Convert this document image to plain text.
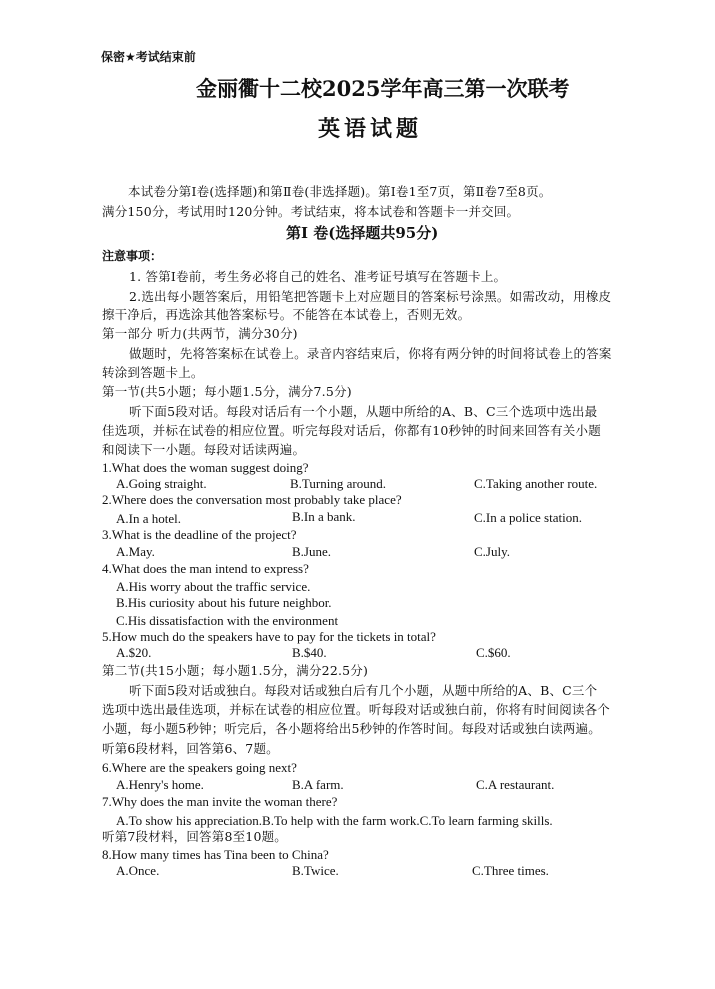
保密★考试结束前
金丽衢十二校2025学年高三第一次联考
英语试题
本试卷分第Ⅰ卷(选择题)和第Ⅱ卷(非选择题)。第Ⅰ卷1至7页，第Ⅱ卷7至8页。
满分150分，考试用时120分钟。考试结束，将本试卷和答题卡一并交回。
第Ⅰ 卷(选择题共95分)
注意事项：
1. 答第Ⅰ卷前，考生务必将自己的姓名、准考证号填写在答题卡上。
2.选出每小题答案后，用铅笔把答题卡上对应题目的答案标号涂黑。如需改动，用橡皮
擦干净后，再选涂其他答案标号。不能答在本试卷上，否则无效。
第一部分 听力(共两节，满分30分)
做题时，先将答案标在试卷上。录音内容结束后，你将有两分钟的时间将试卷上的答案
转涂到答题卡上。
第一节(共5小题；每小题1.5分，满分7.5分)
听下面5段对话。每段对话后有一个小题，从题中所给的A、B、C三个选项中选出最
佳选项，并标在试卷的相应位置。听完每段对话后，你都有10秒钟的时间来回答有关小题
和阅读下一小题。每段对话读两遍。
1.What does the woman suggest doing?
A.Going straight.	B.Turning around.	C.Taking another route.
2.Where does the conversation most probably take place?
A.In a hotel.	B.In a bank.	C.In a police station.
3.What is the deadline of the project?
A.May.	B.June.	C.July.
4.What does the man intend to express?
A.His worry about the traffic service.
B.His curiosity about his future neighbor.
C.His dissatisfaction with the environment
5.How much do the speakers have to pay for the tickets in total?
A.$20.	B.$40.	C.$60.
第二节(共15小题；每小题1.5分，满分22.5分)
听下面5段对话或独白。每段对话或独白后有几个小题，从题中所给的A、B、C三个
选项中选出最佳选项，并标在试卷的相应位置。听每段对话或独白前，你将有时间阅读各个
小题，每小题5秒钟；听完后，各小题将给出5秒钟的作答时间。每段对话或独白读两遍。
听第6段材料，回答第6、7题。
6.Where are the speakers going next?
A.Henry's home.	B.A farm.	C.A restaurant.
7.Why does the man invite the woman there?
A.To show his appreciation.B.To help with the farm work.C.To learn farming skills.
听第7段材料，回答第8至10题。
8.How many times has Tina been to China?
A.Once.	B.Twice.	C.Three times.
